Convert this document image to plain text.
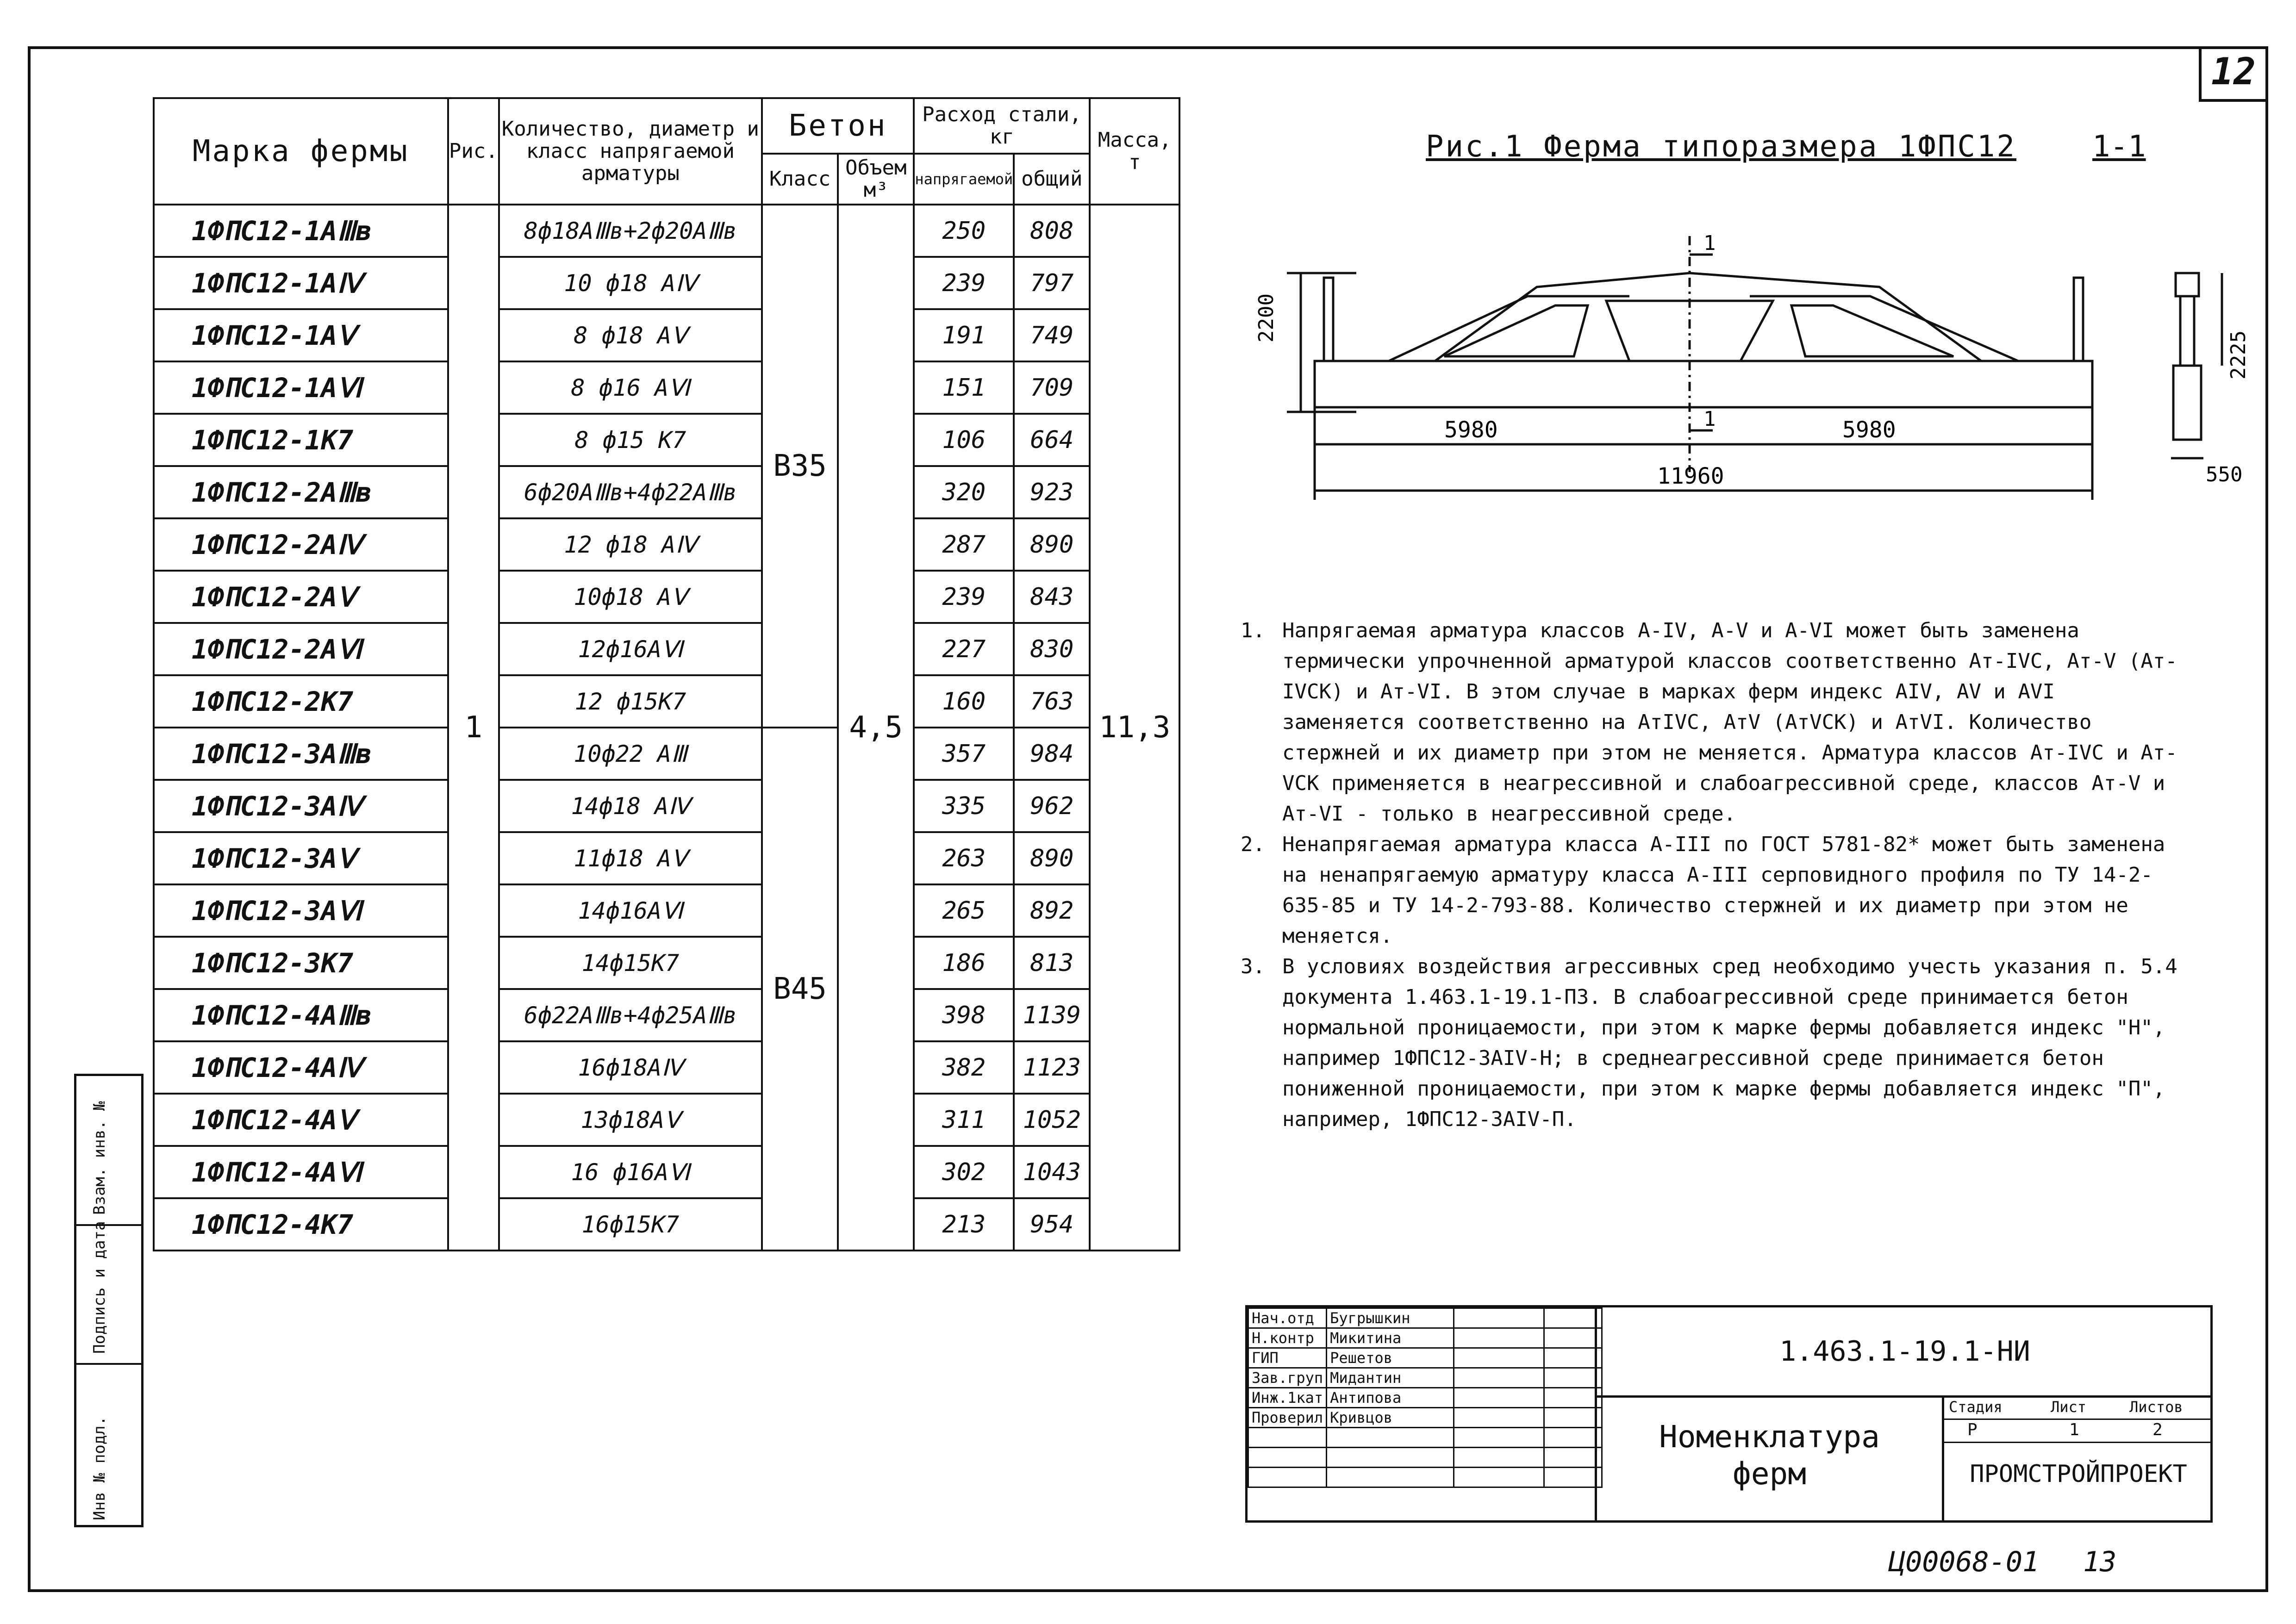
12
Марка фермы	Рис.	Количество, диаметр и класс напрягаемой арматуры	Бетон		Расход стали, кг		Масса, т
			Класс	Объем м³	напрягаемой	общий	
1ФПС12-1АⅢв	1	8ф18АⅢв+2ф20АⅢв	В35	4,5	250	808	11,3
1ФПС12-1АⅣ		10 ф18 АⅣ			239	797	
1ФПС12-1АⅤ		8 ф18 АⅤ			191	749	
1ФПС12-1АⅥ		8 ф16 АⅥ			151	709	
1ФПС12-1К7		8 ф15 К7			106	664	
1ФПС12-2АⅢв		6ф20АⅢв+4ф22АⅢв			320	923	
1ФПС12-2АⅣ		12 ф18 АⅣ			287	890	
1ФПС12-2АⅤ		10ф18 АⅤ			239	843	
1ФПС12-2АⅥ		12ф16АⅥ			227	830	
1ФПС12-2К7		12 ф15К7			160	763	
1ФПС12-3АⅢв		10ф22 АⅢ	В45		357	984	
1ФПС12-3АⅣ		14ф18 АⅣ			335	962	
1ФПС12-3АⅤ		11ф18 АⅤ			263	890	
1ФПС12-3АⅥ		14ф16АⅥ			265	892	
1ФПС12-3К7		14ф15К7			186	813	
1ФПС12-4АⅢв		6ф22АⅢв+4ф25АⅢв			398	1139	
1ФПС12-4АⅣ		16ф18АⅣ			382	1123	
1ФПС12-4АⅤ		13ф18АⅤ			311	1052	
1ФПС12-4АⅥ		16 ф16АⅥ			302	1043	
1ФПС12-4К7		16ф15К7			213	954	
Рис.1 Ферма типоразмера 1ФПС12	1-1
2200
1
1
5980	5980
11960
2225
550
1. Напрягаемая арматура классов А-IV, А-V и А-VI может быть заменена термически упрочненной арматурой классов соответственно Ат-IVC, Ат-V (Ат-IVCK) и Ат-VI. В этом случае в марках ферм индекс АIV, АV и АVI заменяется соответственно на АтIVC, АтV (АтVCK) и АтVI. Количество стержней и их диаметр при этом не меняется. Арматура классов Ат-IVC и Ат-VCK применяется в неагрессивной и слабоагрессивной среде, классов Ат-V и Ат-VI - только в неагрессивной среде.
2. Ненапрягаемая арматура класса А-III по ГОСТ 5781-82* может быть заменена на ненапрягаемую арматуру класса А-III серповидного профиля по ТУ 14-2-635-85 и ТУ 14-2-793-88. Количество стержней и их диаметр при этом не меняется.
3. В условиях воздействия агрессивных сред необходимо учесть указания п. 5.4 документа 1.463.1-19.1-ПЗ. В слабоагрессивной среде принимается бетон нормальной проницаемости, при этом к марке фермы добавляется индекс "Н", например 1ФПС12-3АIV-Н; в среднеагрессивной среде принимается бетон пониженной проницаемости, при этом к марке фермы добавляется индекс "П", например, 1ФПС12-3АIV-П.
Нач.отд	Бугрышкин		
Н.контр	Микитина		
ГИП	Решетов		
Зав.груп	Мидантин		
Инж.1кат	Антипова		
Проверил	Кривцов		

1.463.1-19.1-НИ
Номенклатура
ферм
Стадия	Лист	Листов
Р	1	2
ПРОМСТРОЙПРОЕКТ
Взам. инв. №
Подпись и дата
Инв № подл.
Ц00068-01 13
